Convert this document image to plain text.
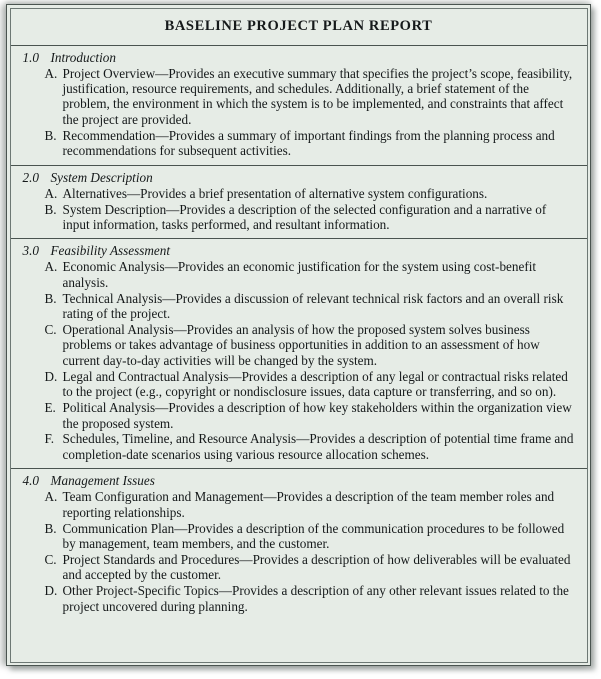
BASELINE PROJECT PLAN REPORT
1.0 Introduction
A. Project Overview—Provides an executive summary that specifies the project’s scope, feasibility, justification, resource requirements, and schedules. Additionally, a brief statement of the problem, the environment in which the system is to be implemented, and constraints that affect the project are provided.
B. Recommendation—Provides a summary of important findings from the planning process and recommendations for subsequent activities.
2.0 System Description
A. Alternatives—Provides a brief presentation of alternative system configurations.
B. System Description—Provides a description of the selected configuration and a narrative of input information, tasks performed, and resultant information.
3.0 Feasibility Assessment
A. Economic Analysis—Provides an economic justification for the system using cost-benefit analysis.
B. Technical Analysis—Provides a discussion of relevant technical risk factors and an overall risk rating of the project.
C. Operational Analysis—Provides an analysis of how the proposed system solves business problems or takes advantage of business opportunities in addition to an assessment of how current day-to-day activities will be changed by the system.
D. Legal and Contractual Analysis—Provides a description of any legal or contractual risks related to the project (e.g., copyright or nondisclosure issues, data capture or transferring, and so on).
E. Political Analysis—Provides a description of how key stakeholders within the organization view the proposed system.
F. Schedules, Timeline, and Resource Analysis—Provides a description of potential time frame and completion-date scenarios using various resource allocation schemes.
4.0 Management Issues
A. Team Configuration and Management—Provides a description of the team member roles and reporting relationships.
B. Communication Plan—Provides a description of the communication procedures to be followed by management, team members, and the customer.
C. Project Standards and Procedures—Provides a description of how deliverables will be evaluated and accepted by the customer.
D. Other Project-Specific Topics—Provides a description of any other relevant issues related to the project uncovered during planning.
